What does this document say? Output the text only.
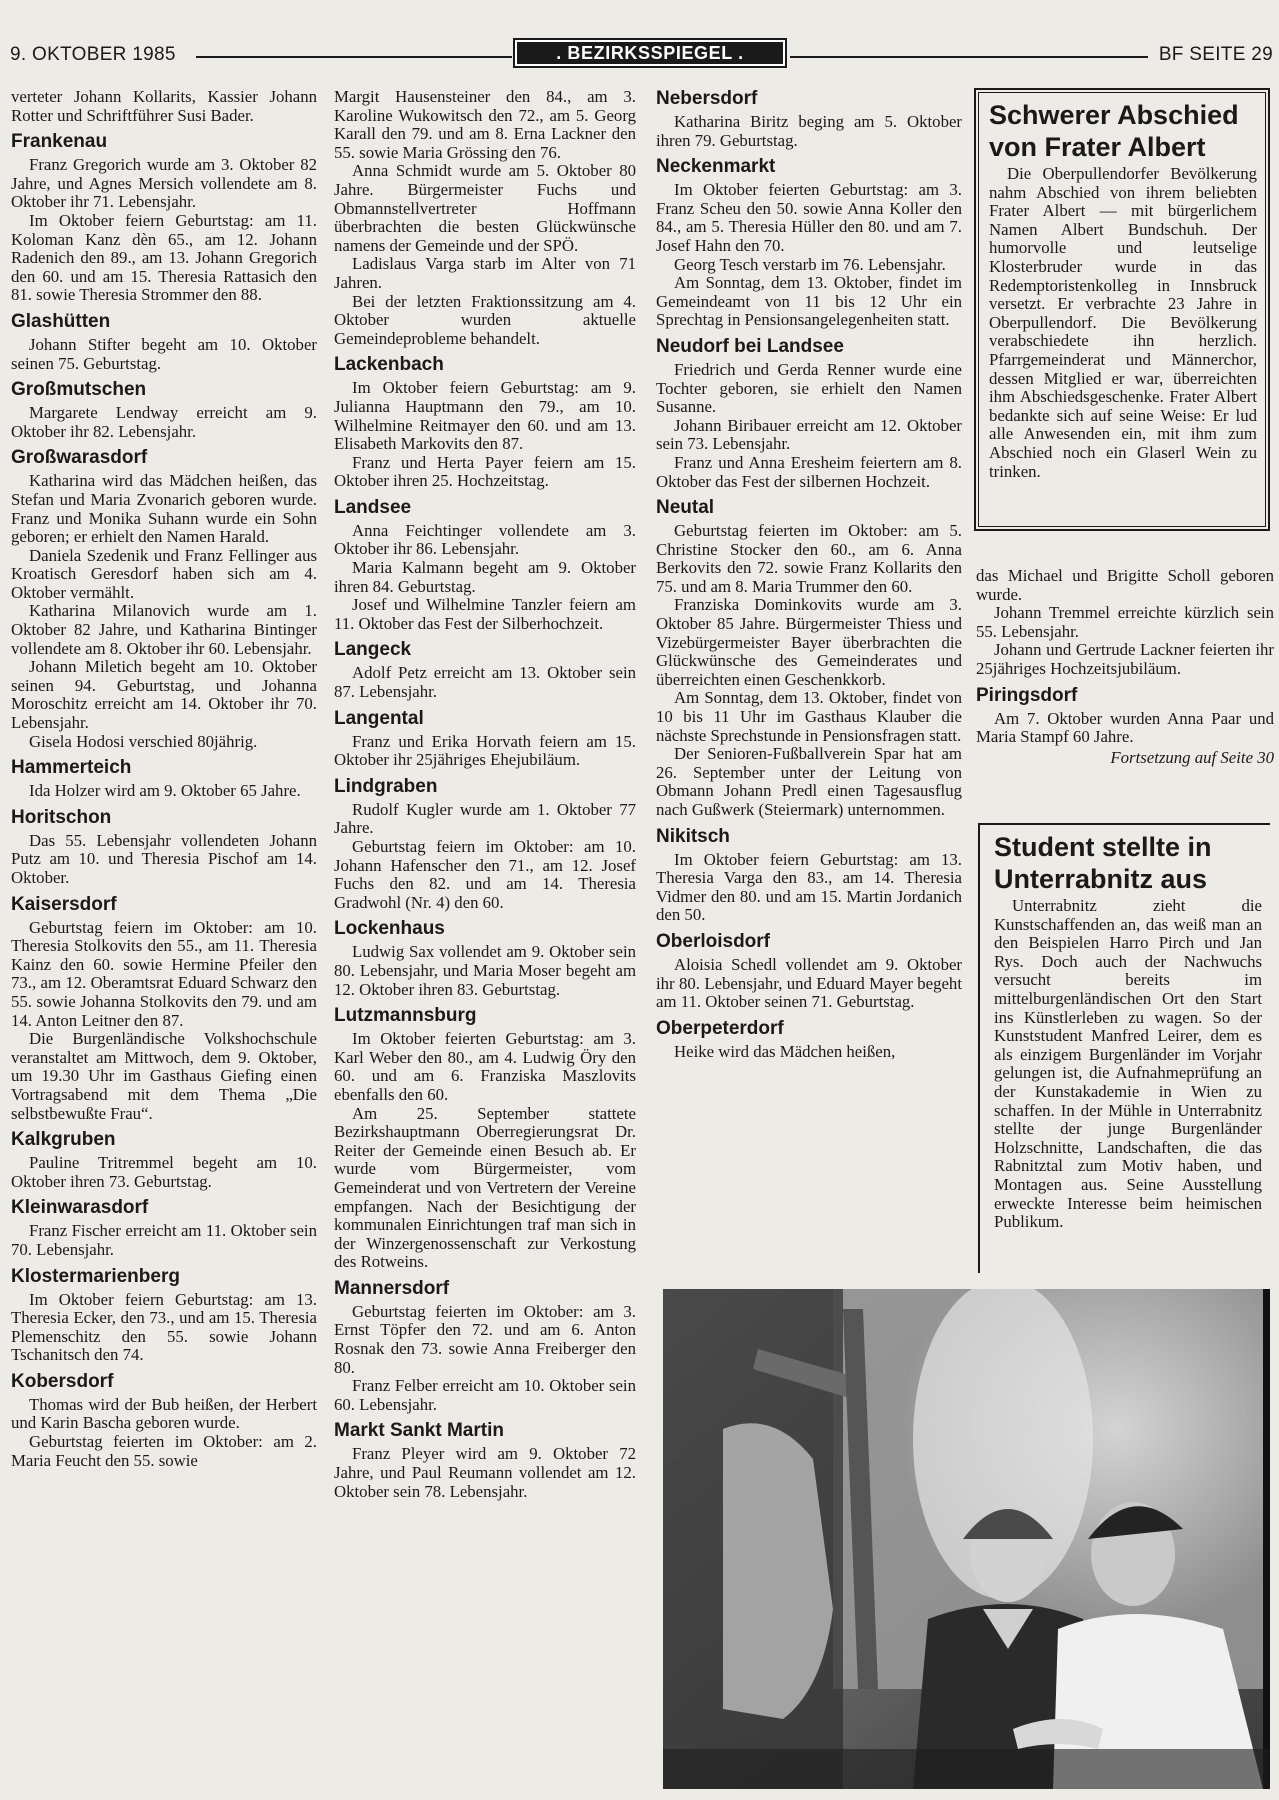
9. OKTOBER 1985	. BEZIRKSSPIEGEL .	BF SEITE 29

verteter Johann Kollarits, Kassier Johann Rotter und Schriftführer Susi Bader.

Frankenau

Franz Gregorich wurde am 3. Oktober 82 Jahre, und Agnes Mersich vollendete am 8. Oktober ihr 71. Lebensjahr.

Im Oktober feiern Geburtstag: am 11. Koloman Kanz dèn 65., am 12. Johann Radenich den 89., am 13. Johann Gregorich den 60. und am 15. Theresia Rattasich den 81. sowie Theresia Strommer den 88.

Glashütten

Johann Stifter begeht am 10. Oktober seinen 75. Geburtstag.

Großmutschen

Margarete Lendway erreicht am 9. Oktober ihr 82. Lebensjahr.

Großwarasdorf

Katharina wird das Mädchen heißen, das Stefan und Maria Zvonarich geboren wurde. Franz und Monika Suhann wurde ein Sohn geboren; er erhielt den Namen Harald.

Daniela Szedenik und Franz Fellinger aus Kroatisch Geresdorf haben sich am 4. Oktober vermählt.

Katharina Milanovich wurde am 1. Oktober 82 Jahre, und Katharina Bintinger vollendete am 8. Oktober ihr 60. Lebensjahr.

Johann Miletich begeht am 10. Oktober seinen 94. Geburtstag, und Johanna Moroschitz erreicht am 14. Oktober ihr 70. Lebensjahr.

Gisela Hodosi verschied 80jährig.

Hammerteich

Ida Holzer wird am 9. Oktober 65 Jahre.

Horitschon

Das 55. Lebensjahr vollendeten Johann Putz am 10. und Theresia Pischof am 14. Oktober.

Kaisersdorf

Geburtstag feiern im Oktober: am 10. Theresia Stolkovits den 55., am 11. Theresia Kainz den 60. sowie Hermine Pfeiler den 73., am 12. Oberamtsrat Eduard Schwarz den 55. sowie Johanna Stolkovits den 79. und am 14. Anton Leitner den 87.

Die Burgenländische Volkshochschule veranstaltet am Mittwoch, dem 9. Oktober, um 19.30 Uhr im Gasthaus Giefing einen Vortragsabend mit dem Thema „Die selbstbewußte Frau“.

Kalkgruben

Pauline Tritremmel begeht am 10. Oktober ihren 73. Geburtstag.

Kleinwarasdorf

Franz Fischer erreicht am 11. Oktober sein 70. Lebensjahr.

Klostermarienberg

Im Oktober feiern Geburtstag: am 13. Theresia Ecker, den 73., und am 15. Theresia Plemenschitz den 55. sowie Johann Tschanitsch den 74.

Kobersdorf

Thomas wird der Bub heißen, der Herbert und Karin Bascha geboren wurde.

Geburtstag feierten im Oktober: am 2. Maria Feucht den 55. sowie

Margit Hausensteiner den 84., am 3. Karoline Wukowitsch den 72., am 5. Georg Karall den 79. und am 8. Erna Lackner den 55. sowie Maria Grössing den 76.

Anna Schmidt wurde am 5. Oktober 80 Jahre. Bürgermeister Fuchs und Obmannstellvertreter Hoffmann überbrachten die besten Glückwünsche namens der Gemeinde und der SPÖ.

Ladislaus Varga starb im Alter von 71 Jahren.

Bei der letzten Fraktionssitzung am 4. Oktober wurden aktuelle Gemeindeprobleme behandelt.

Lackenbach

Im Oktober feiern Geburtstag: am 9. Julianna Hauptmann den 79., am 10. Wilhelmine Reitmayer den 60. und am 13. Elisabeth Markovits den 87.

Franz und Herta Payer feiern am 15. Oktober ihren 25. Hochzeitstag.

Landsee

Anna Feichtinger vollendete am 3. Oktober ihr 86. Lebensjahr.

Maria Kalmann begeht am 9. Oktober ihren 84. Geburtstag.

Josef und Wilhelmine Tanzler feiern am 11. Oktober das Fest der Silberhochzeit.

Langeck

Adolf Petz erreicht am 13. Oktober sein 87. Lebensjahr.

Langental

Franz und Erika Horvath feiern am 15. Oktober ihr 25jähriges Ehejubiläum.

Lindgraben

Rudolf Kugler wurde am 1. Oktober 77 Jahre.

Geburtstag feiern im Oktober: am 10. Johann Hafenscher den 71., am 12. Josef Fuchs den 82. und am 14. Theresia Gradwohl (Nr. 4) den 60.

Lockenhaus

Ludwig Sax vollendet am 9. Oktober sein 80. Lebensjahr, und Maria Moser begeht am 12. Oktober ihren 83. Geburtstag.

Lutzmannsburg

Im Oktober feierten Geburtstag: am 3. Karl Weber den 80., am 4. Ludwig Öry den 60. und am 6. Franziska Maszlovits ebenfalls den 60.

Am 25. September stattete Bezirkshauptmann Oberregierungsrat Dr. Reiter der Gemeinde einen Besuch ab. Er wurde vom Bürgermeister, vom Gemeinderat und von Vertretern der Vereine empfangen. Nach der Besichtigung der kommunalen Einrichtungen traf man sich in der Winzergenossenschaft zur Verkostung des Rotweins.

Mannersdorf

Geburtstag feierten im Oktober: am 3. Ernst Töpfer den 72. und am 6. Anton Rosnak den 73. sowie Anna Freiberger den 80.

Franz Felber erreicht am 10. Oktober sein 60. Lebensjahr.

Markt Sankt Martin

Franz Pleyer wird am 9. Oktober 72 Jahre, und Paul Reumann vollendet am 12. Oktober sein 78. Lebensjahr.

Nebersdorf

Katharina Biritz beging am 5. Oktober ihren 79. Geburtstag.

Neckenmarkt

Im Oktober feierten Geburtstag: am 3. Franz Scheu den 50. sowie Anna Koller den 84., am 5. Theresia Hüller den 80. und am 7. Josef Hahn den 70.

Georg Tesch verstarb im 76. Lebensjahr.

Am Sonntag, dem 13. Oktober, findet im Gemeindeamt von 11 bis 12 Uhr ein Sprechtag in Pensionsangelegenheiten statt.

Neudorf bei Landsee

Friedrich und Gerda Renner wurde eine Tochter geboren, sie erhielt den Namen Susanne.

Johann Biribauer erreicht am 12. Oktober sein 73. Lebensjahr.

Franz und Anna Eresheim feiertern am 8. Oktober das Fest der silbernen Hochzeit.

Neutal

Geburtstag feierten im Oktober: am 5. Christine Stocker den 60., am 6. Anna Berkovits den 72. sowie Franz Kollarits den 75. und am 8. Maria Trummer den 60.

Franziska Dominkovits wurde am 3. Oktober 85 Jahre. Bürgermeister Thiess und Vizebürgermeister Bayer überbrachten die Glückwünsche des Gemeinderates und überreichten einen Geschenkkorb.

Am Sonntag, dem 13. Oktober, findet von 10 bis 11 Uhr im Gasthaus Klauber die nächste Sprechstunde in Pensionsfragen statt.

Der Senioren-Fußballverein Spar hat am 26. September unter der Leitung von Obmann Johann Predl einen Tagesausflug nach Gußwerk (Steiermark) unternommen.

Nikitsch

Im Oktober feiern Geburtstag: am 13. Theresia Varga den 83., am 14. Theresia Vidmer den 80. und am 15. Martin Jordanich den 50.

Oberloisdorf

Aloisia Schedl vollendet am 9. Oktober ihr 80. Lebensjahr, und Eduard Mayer begeht am 11. Oktober seinen 71. Geburtstag.

Oberpeterdorf

Heike wird das Mädchen heißen,

Schwerer Abschied von Frater Albert

Die Oberpullendorfer Bevölkerung nahm Abschied von ihrem beliebten Frater Albert — mit bürgerlichem Namen Albert Bundschuh. Der humorvolle und leutselige Klosterbruder wurde in das Redemptoristenkolleg in Innsbruck versetzt. Er verbrachte 23 Jahre in Oberpullendorf. Die Bevölkerung verabschiedete ihn herzlich. Pfarrgemeinderat und Männerchor, dessen Mitglied er war, überreichten ihm Abschiedsgeschenke. Frater Albert bedankte sich auf seine Weise: Er lud alle Anwesenden ein, mit ihm zum Abschied noch ein Glaserl Wein zu trinken.

das Michael und Brigitte Scholl geboren wurde.

Johann Tremmel erreichte kürzlich sein 55. Lebensjahr.

Johann und Gertrude Lackner feierten ihr 25jähriges Hochzeitsjubiläum.

Piringsdorf

Am 7. Oktober wurden Anna Paar und Maria Stampf 60 Jahre.

Fortsetzung auf Seite 30
Student stellte in Unterrabnitz aus

Unterrabnitz zieht die Kunstschaffenden an, das weiß man an den Beispielen Harro Pirch und Jan Rys. Doch auch der Nachwuchs versucht bereits im mittelburgenländischen Ort den Start ins Künstlerleben zu wagen. So der Kunststudent Manfred Leirer, dem es als einzigem Burgenländer im Vorjahr gelungen ist, die Aufnahmeprüfung an der Kunstakademie in Wien zu schaffen. In der Mühle in Unterrabnitz stellte der junge Burgenländer Holzschnitte, Landschaften, die das Rabnitztal zum Motiv haben, und Montagen aus. Seine Ausstellung erweckte Interesse beim heimischen Publikum.
